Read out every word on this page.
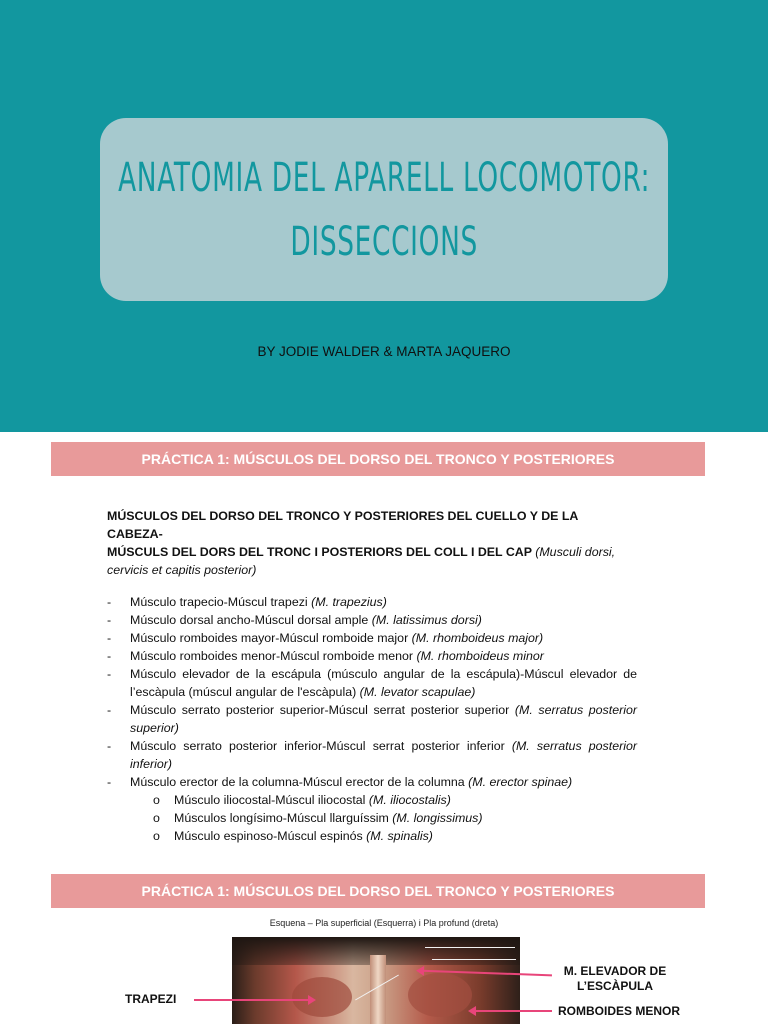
ANATOMIA DEL APARELL LOCOMOTOR:
DISSECCIONS
BY JODIE WALDER & MARTA JAQUERO
PRÁCTICA 1: MÚSCULOS DEL DORSO DEL TRONCO Y POSTERIORES
MÚSCULOS DEL DORSO DEL TRONCO Y POSTERIORES DEL CUELLO Y DE LA CABEZA-
MÚSCULS DEL DORS DEL TRONC I POSTERIORS DEL COLL I DEL CAP (Musculi dorsi, cervicis et capitis posterior)
- Músculo trapecio-Múscul trapezi (M. trapezius)
- Músculo dorsal ancho-Múscul dorsal ample (M. latissimus dorsi)
- Músculo romboides mayor-Múscul romboide major (M. rhomboideus major)
- Músculo romboides menor-Múscul romboide menor (M. rhomboideus minor
- Músculo elevador de la escápula (músculo angular de la escápula)-Múscul elevador de l’escàpula (múscul angular de l'escàpula) (M. levator scapulae)
- Músculo serrato posterior superior-Múscul serrat posterior superior (M. serratus posterior superior)
- Músculo serrato posterior inferior-Múscul serrat posterior inferior (M. serratus posterior inferior)
- Músculo erector de la columna-Múscul erector de la columna (M. erector spinae)
o Músculo iliocostal-Múscul iliocostal (M. iliocostalis)
o Músculos longísimo-Múscul llarguíssim (M. longissimus)
o Músculo espinoso-Múscul espinós (M. spinalis)
PRÁCTICA 1: MÚSCULOS DEL DORSO DEL TRONCO Y POSTERIORES
Esquena – Pla superficial (Esquerra) i Pla profund (dreta)
TRAPEZI
M. ELEVADOR DE
L’ESCÀPULA
ROMBOIDES MENOR
